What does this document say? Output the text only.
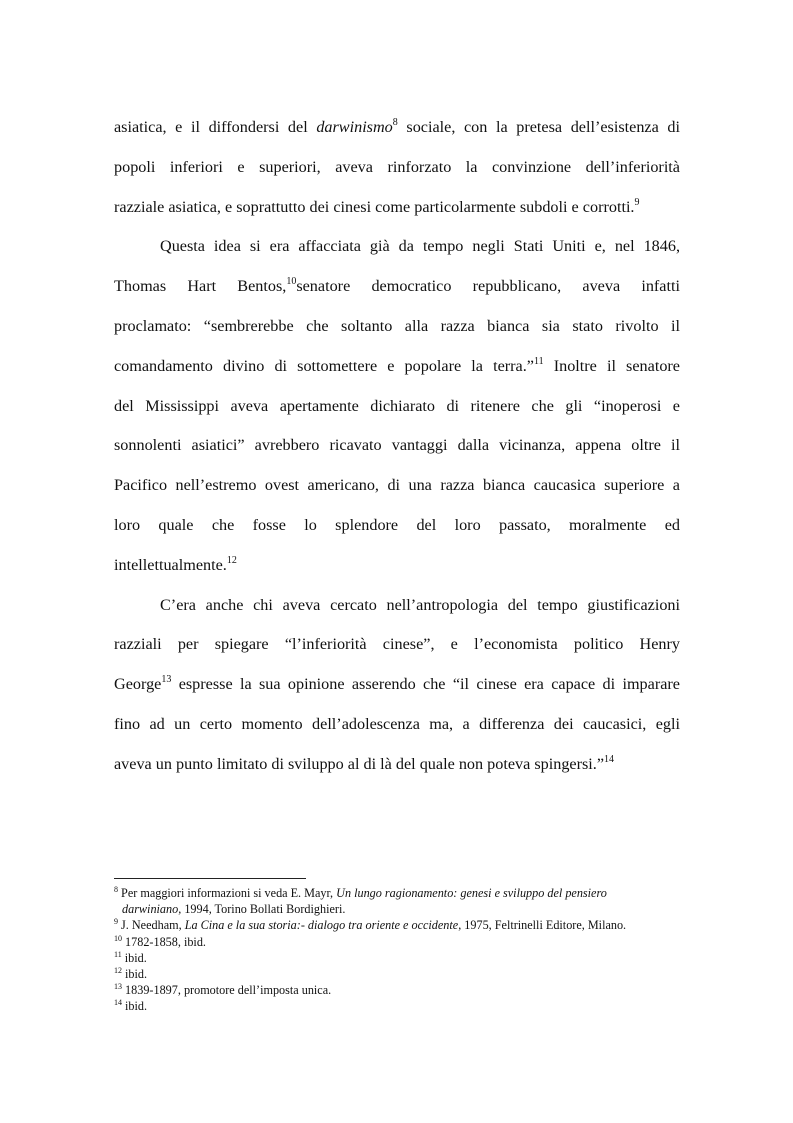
asiatica, e il diffondersi del darwinismo$^8$ sociale, con la pretesa dell’esistenza di
popoli inferiori e superiori, aveva rinforzato la convinzione dell’inferiorità
razziale asiatica, e soprattutto dei cinesi come particolarmente subdoli e corrotti.$^9$
Questa idea si era affacciata già da tempo negli Stati Uniti e, nel 1846,
Thomas Hart Bentos,$^{10}$senatore democratico repubblicano, aveva infatti
proclamato: “sembrerebbe che soltanto alla razza bianca sia stato rivolto il
comandamento divino di sottomettere e popolare la terra.”$^{11}$ Inoltre il senatore
del Mississippi aveva apertamente dichiarato di ritenere che gli “inoperosi e
sonnolenti asiatici” avrebbero ricavato vantaggi dalla vicinanza, appena oltre il
Pacifico nell’estremo ovest americano, di una razza bianca caucasica superiore a
loro quale che fosse lo splendore del loro passato, moralmente ed
intellettualmente.$^{12}$
C’era anche chi aveva cercato nell’antropologia del tempo giustificazioni
razziali per spiegare “l’inferiorità cinese”, e l’economista politico Henry
George$^{13}$ espresse la sua opinione asserendo che “il cinese era capace di imparare
fino ad un certo momento dell’adolescenza ma, a differenza dei caucasici, egli
aveva un punto limitato di sviluppo al di là del quale non poteva spingersi.”$^{14}$
$^8$ Per maggiori informazioni si veda E. Mayr, Un lungo ragionamento: genesi e sviluppo del pensiero
darwiniano, 1994, Torino Bollati Bordighieri.
$^9$ J. Needham, La Cina e la sua storia:- dialogo tra oriente e occidente, 1975, Feltrinelli Editore, Milano.
$^{10}$ 1782-1858, ibid.
$^{11}$ ibid.
$^{12}$ ibid.
$^{13}$ 1839-1897, promotore dell’imposta unica.
$^{14}$ ibid.
